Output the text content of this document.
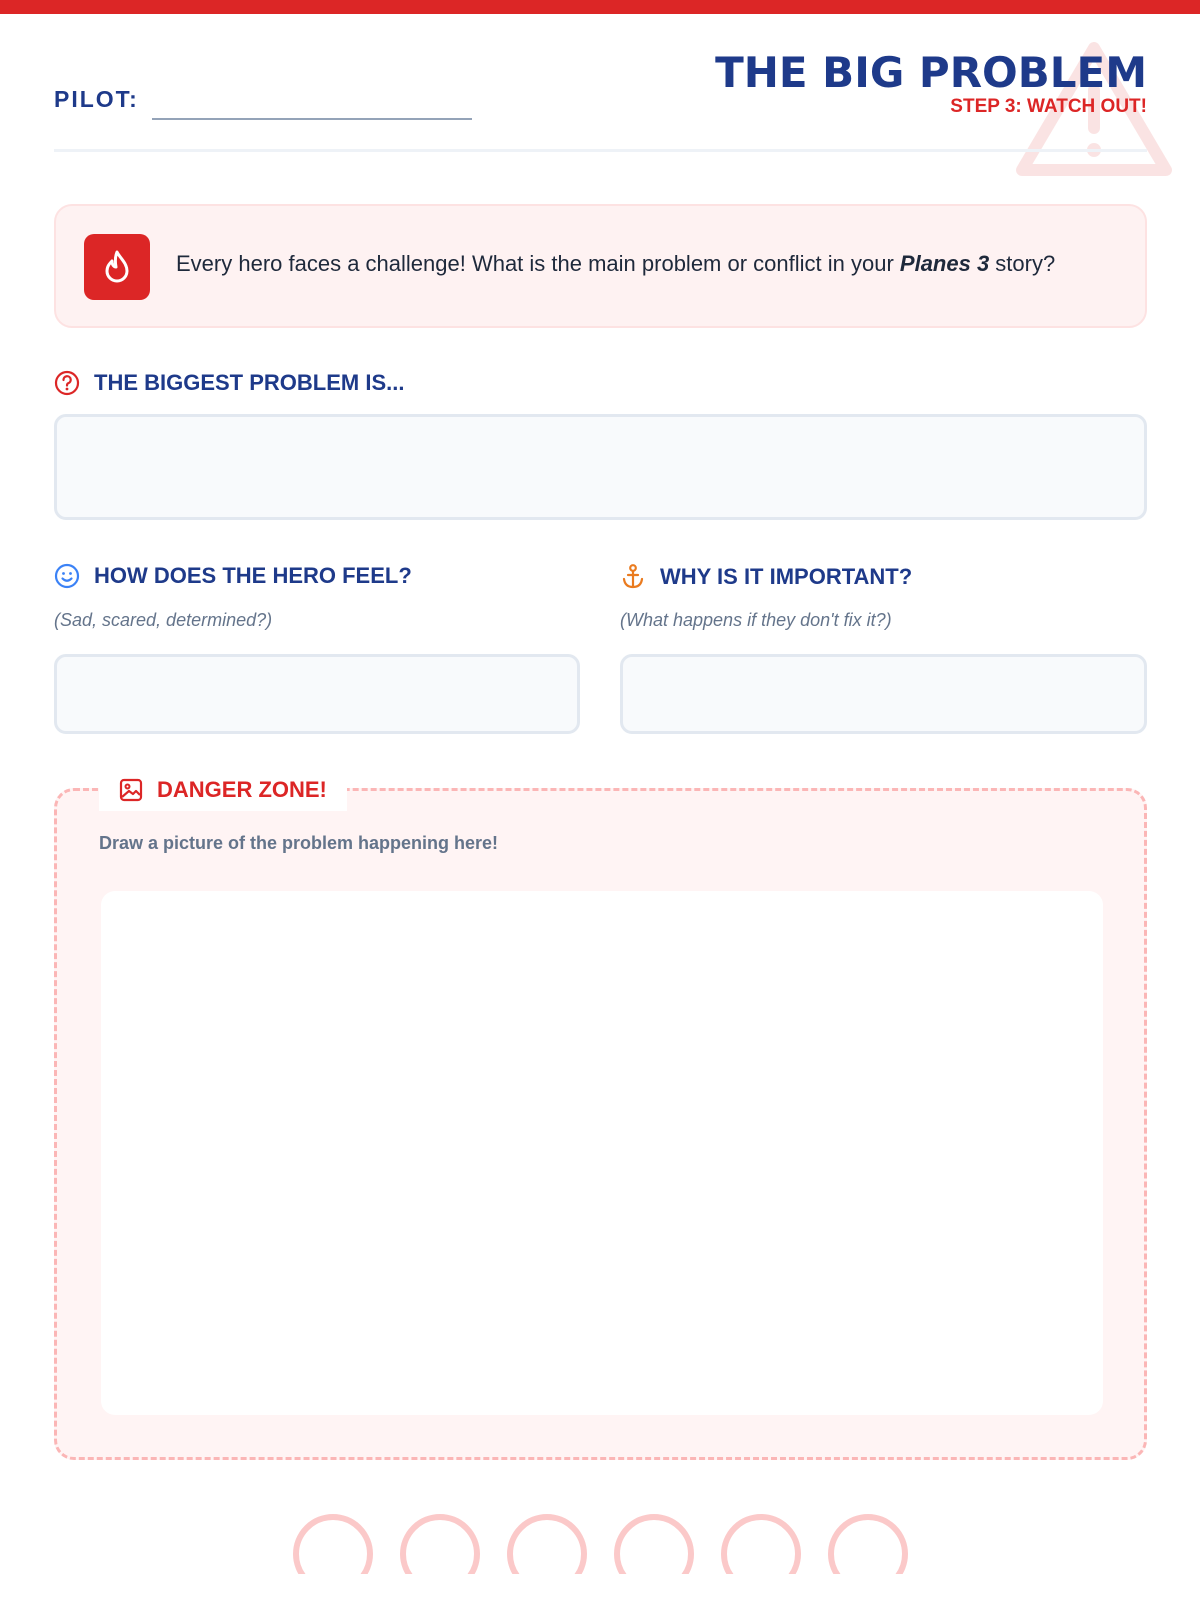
PILOT:
THE BIG PROBLEM
STEP 3: WATCH OUT!
Every hero faces a challenge! What is the main problem or conflict in your Planes 3 story?
THE BIGGEST PROBLEM IS...
HOW DOES THE HERO FEEL?
(Sad, scared, determined?)
WHY IS IT IMPORTANT?
(What happens if they don't fix it?)
DANGER ZONE!
Draw a picture of the problem happening here!
